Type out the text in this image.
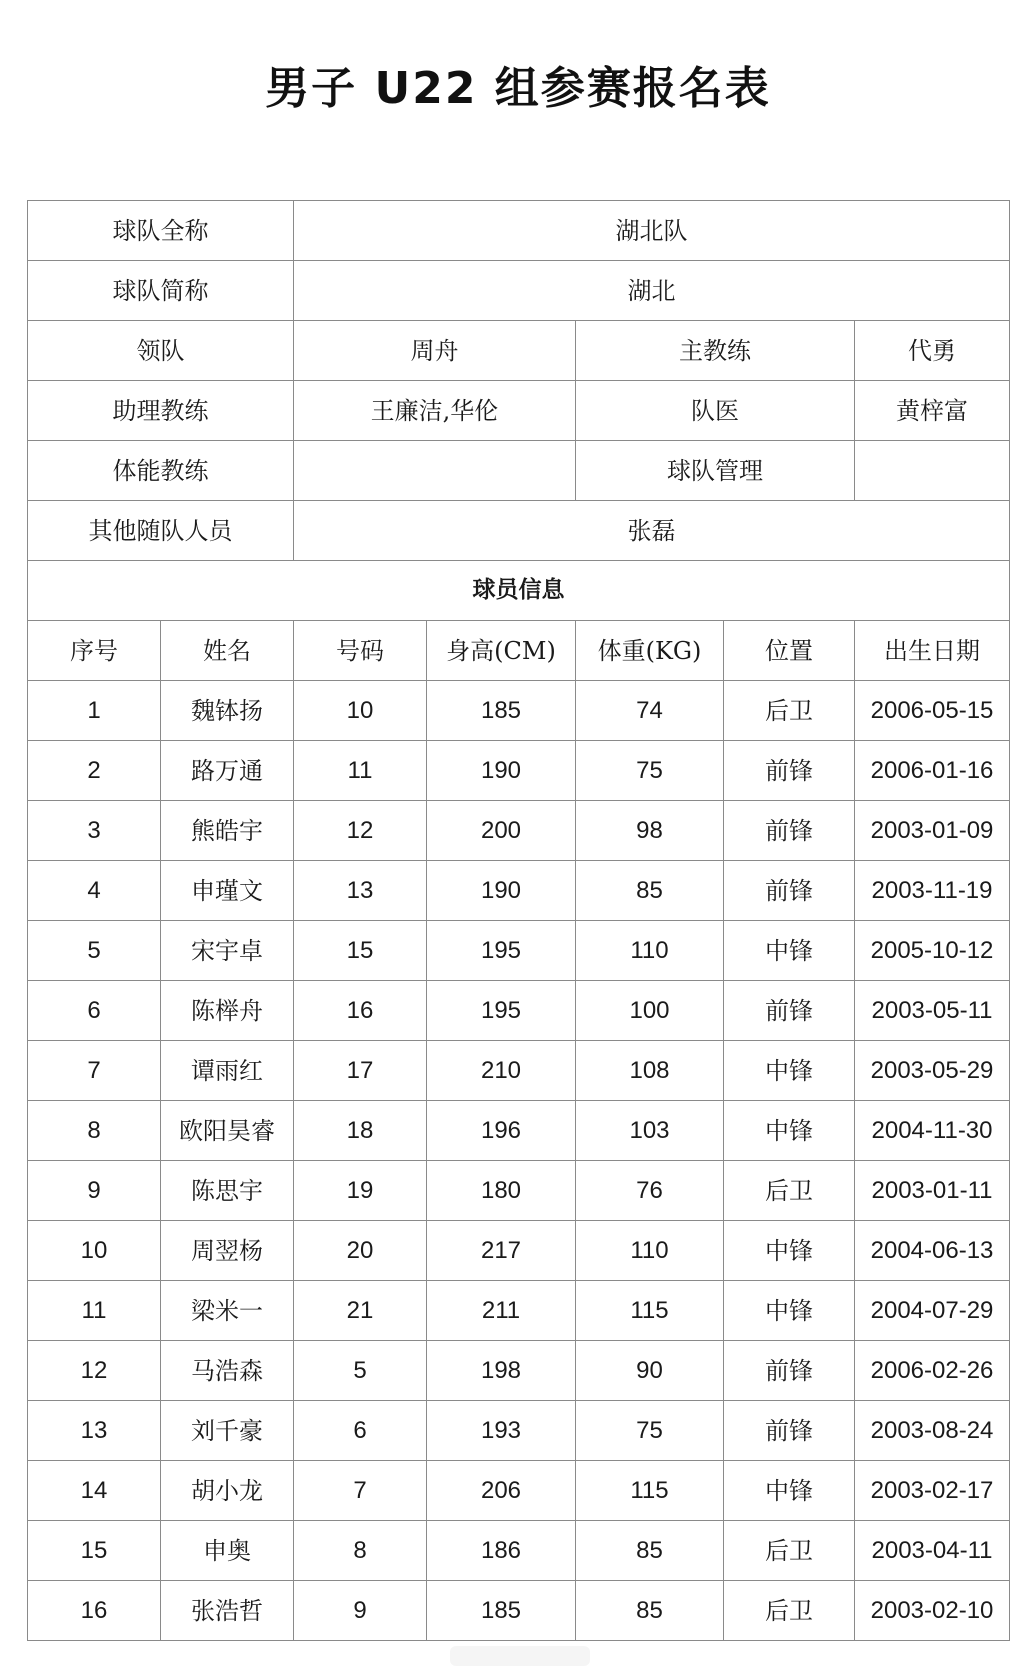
男子 U22 组参赛报名表
球队全称		湖北队				

球队简称		湖北				

领队		周舟		主教练		代勇

助理教练		王廉洁,华伦		队医		黄梓富

体能教练				球队管理		

其他随队人员		张磊				

球员信息						

序号	姓名	号码	身高(CM)	体重(KG)	位置	出生日期

1	魏钵扬	10	185	74	后卫	2006-05-15

2	路万通	11	190	75	前锋	2006-01-16

3	熊皓宇	12	200	98	前锋	2003-01-09

4	申瑾文	13	190	85	前锋	2003-11-19

5	宋宇卓	15	195	110	中锋	2005-10-12

6	陈榉舟	16	195	100	前锋	2003-05-11

7	谭雨红	17	210	108	中锋	2003-05-29

8	欧阳昊睿	18	196	103	中锋	2004-11-30

9	陈思宇	19	180	76	后卫	2003-01-11

10	周翌杨	20	217	110	中锋	2004-06-13

11	梁米一	21	211	115	中锋	2004-07-29

12	马浩森	5	198	90	前锋	2006-02-26

13	刘千豪	6	193	75	前锋	2003-08-24

14	胡小龙	7	206	115	中锋	2003-02-17

15	申奥	8	186	85	后卫	2003-04-11

16	张浩哲	9	185	85	后卫	2003-02-10
